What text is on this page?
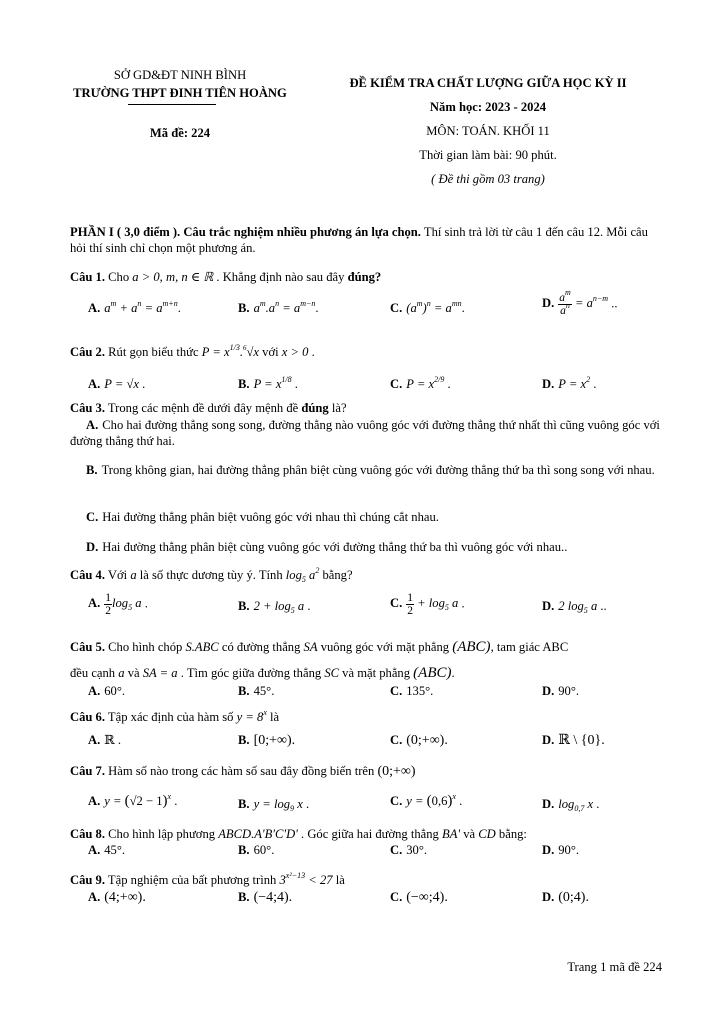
SỞ GD&ĐT NINH BÌNH
TRƯỜNG THPT ĐINH TIÊN HOÀNG
Mã đề: 224
ĐỀ KIỂM TRA CHẤT LƯỢNG GIỮA HỌC KỲ II
Năm học: 2023 - 2024
MÔN: TOÁN. KHỐI 11
Thời gian làm bài: 90 phút.
( Đề thi gồm 03 trang)
PHẦN I ( 3,0 điểm ). Câu trắc nghiệm nhiều phương án lựa chọn. Thí sinh trả lời từ câu 1 đến câu 12. Mỗi câu hỏi thí sinh chỉ chọn một phương án.
Câu 1. Cho a > 0, m, n ∈ ℝ . Khẳng định nào sau đây đúng?
A. $a^m + a^n = a^{m+n}$.	B. $a^m.a^n = a^{m-n}$.	C. $(a^m)^n = a^{mn}$.	D. $\frac{a^m}{a^n} = a^{n-m}$ ..
Câu 2. Rút gọn biểu thức $P = x^{1/3}.^6√x$ với x > 0 .
A. P = √x .	B. $P = x^{1/8}$ .	C. $P = x^{2/9}$ .	D. $P = x^2$ .
Câu 3. Trong các mệnh đề dưới đây mệnh đề đúng là?
A. Cho hai đường thẳng song song, đường thẳng nào vuông góc với đường thẳng thứ nhất thì cũng vuông góc với đường thẳng thứ hai.
B. Trong không gian, hai đường thẳng phân biệt cùng vuông góc với đường thẳng thứ ba thì song song với nhau.
C. Hai đường thẳng phân biệt vuông góc với nhau thì chúng cắt nhau.
D. Hai đường thẳng phân biệt cùng vuông góc với đường thẳng thứ ba thì vuông góc với nhau..
Câu 4. Với a là số thực dương tùy ý. Tính $\log_5 a^2$ bằng?
A. $\frac{1}{2} \log_5 a$ .	B. $2 + \log_5 a$ .	C. $\frac{1}{2} + \log_5 a$ .	D. 2 $\log_5 a$ ..
Câu 5. Cho hình chóp S.ABC có đường thẳng SA vuông góc với mặt phẳng (ABC), tam giác ABC
đều cạnh a và SA = a . Tìm góc giữa đường thẳng SC và mặt phẳng (ABC).
A. 60°.	B. 45°.	C. 135°.	D. 90°.
Câu 6. Tập xác định của hàm số $y = 8^x$ là
A. ℝ .	B. [0;+∞).	C. (0;+∞).	D. ℝ \ {0}.
Câu 7. Hàm số nào trong các hàm số sau đây đồng biến trên (0;+∞)
A. $y = (√2 - 1)^x$ .	B. $y = \log_9 x$ .	C. $y = (0,6)^x$ .	D. $\log_{0,7} x$ .
Câu 8. Cho hình lập phương ABCD.A'B'C'D' . Góc giữa hai đường thẳng BA' và CD bằng:
A. 45°.	B. 60°.	C. 30°.	D. 90°.
Câu 9. Tập nghiệm của bất phương trình $3^{x^2-13} < 27$ là
A. (4;+∞).	B. (−4;4).	C. (−∞;4).	D. (0;4).
Trang 1 mã đề 224
